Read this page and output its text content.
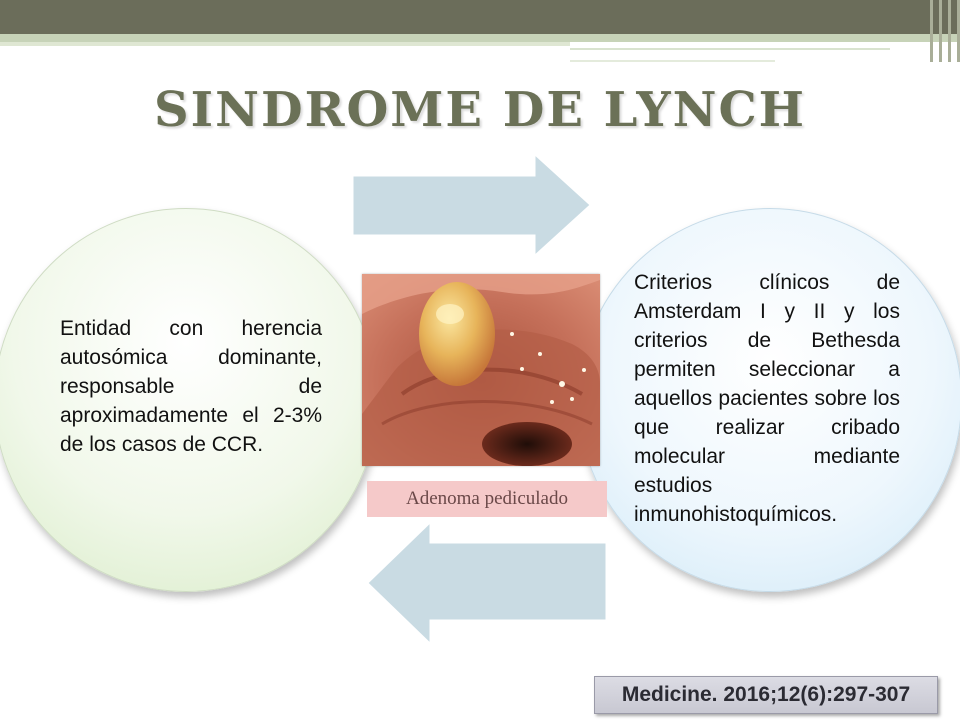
SINDROME DE LYNCH
Adenoma pediculado
Entidad con herencia autosómica dominante, responsable de aproximadamente el 2-3% de los casos de CCR.
Criterios clínicos de Amsterdam I y II y los criterios de Bethesda permiten seleccionar a aquellos pacientes sobre los que realizar cribado molecular mediante estudios inmunohistoquímicos.
Medicine. 2016;12(6):297-307
